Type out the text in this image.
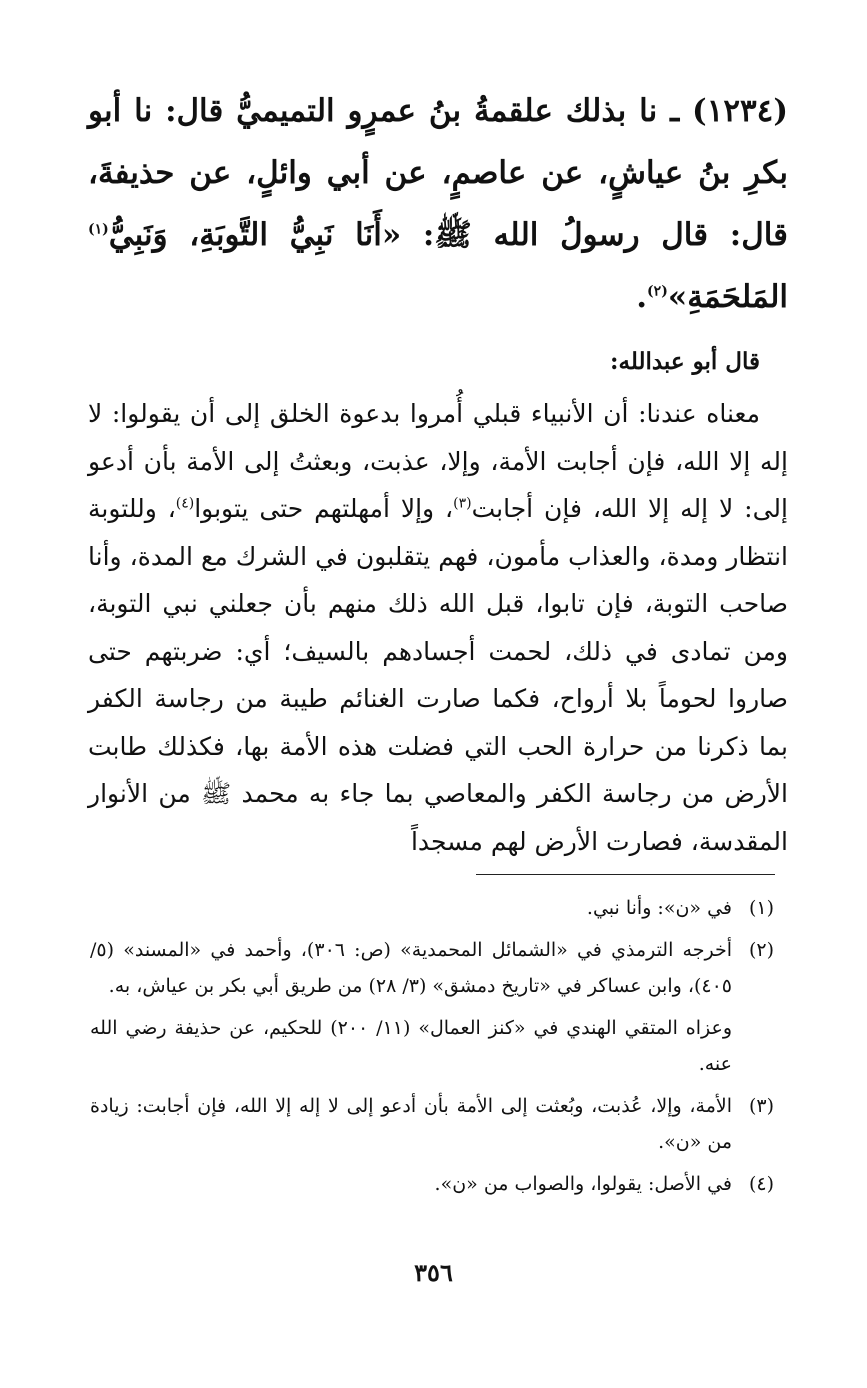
(١٢٣٤) ـ نا بذلك علقمةُ بنُ عمرٍو التميميُّ قال: نا أبو بكرِ بنُ عياشٍ، عن عاصمٍ، عن أبي وائلٍ، عن حذيفةَ، قال: قال رسولُ الله ﷺ: «أَنَا نَبِيُّ التَّوبَةِ، وَنَبِيُّ$^{(١)}$ المَلحَمَةِ»$^{(٢)}$.

قال أبو عبدالله:

معناه عندنا: أن الأنبياء قبلي أُمروا بدعوة الخلق إلى أن يقولوا: لا إله إلا الله، فإن أجابت الأمة، وإلا، عذبت، وبعثتُ إلى الأمة بأن أدعو إلى: لا إله إلا الله، فإن أجابت$^{(٣)}$، وإلا أمهلتهم حتى يتوبوا$^{(٤)}$، وللتوبة انتظار ومدة، والعذاب مأمون، فهم يتقلبون في الشرك مع المدة، وأنا صاحب التوبة، فإن تابوا، قبل الله ذلك منهم بأن جعلني نبي التوبة، ومن تمادى في ذلك، لحمت أجسادهم بالسيف؛ أي: ضربتهم حتى صاروا لحوماً بلا أرواح، فكما صارت الغنائم طيبة من رجاسة الكفر بما ذكرنا من حرارة الحب التي فضلت هذه الأمة بها، فكذلك طابت الأرض من رجاسة الكفر والمعاصي بما جاء به محمد ﷺ من الأنوار المقدسة، فصارت الأرض لهم مسجداً

(١)
في «ن»: وأنا نبي.
(٢)
أخرجه الترمذي في «الشمائل المحمدية» (ص: ٣٠٦)، وأحمد في «المسند» (٥/ ٤٠٥)، وابن عساكر في «تاريخ دمشق» (٣/ ٢٨) من طريق أبي بكر بن عياش، به.
وعزاه المتقي الهندي في «كنز العمال» (١١/ ٢٠٠) للحكيم، عن حذيفة رضي الله عنه.
(٣)
الأمة، وإلا، عُذبت، وبُعثت إلى الأمة بأن أدعو إلى لا إله إلا الله، فإن أجابت: زيادة من «ن».
(٤)
في الأصل: يقولوا، والصواب من «ن».
٣٥٦
